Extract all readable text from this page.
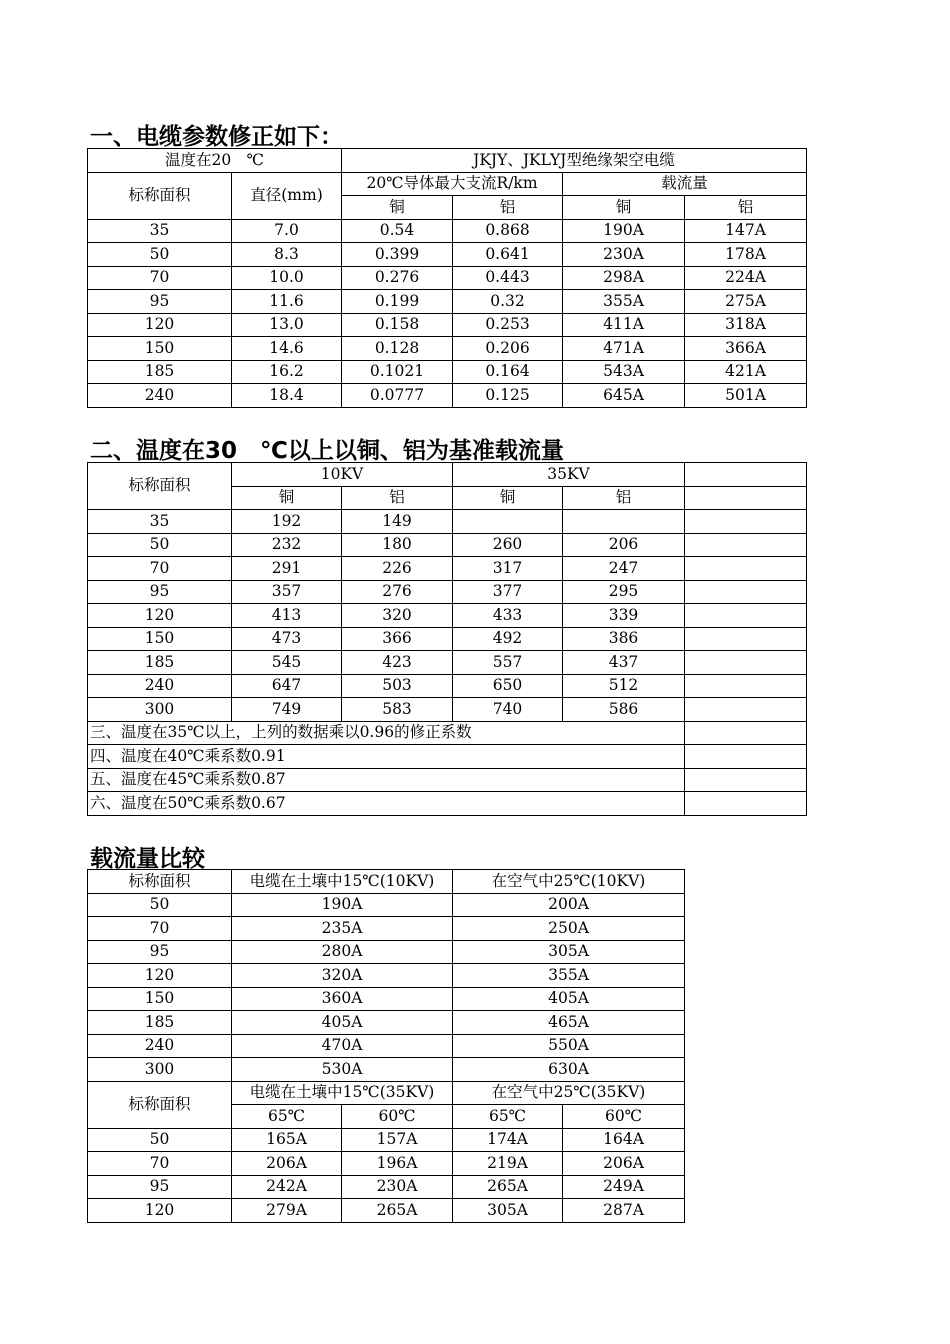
一、电缆参数修正如下：
温度在20　℃		JKJY、JKLYJ型绝缘架空电缆			
标称面积	直径(mm)	20℃导体最大支流R/km		载流量	
		铜	铝	铜	铝
35	7.0	0.54	0.868	190A	147A
50	8.3	0.399	0.641	230A	178A
70	10.0	0.276	0.443	298A	224A
95	11.6	0.199	0.32	355A	275A
120	13.0	0.158	0.253	411A	318A
150	14.6	0.128	0.206	471A	366A
185	16.2	0.1021	0.164	543A	421A
240	18.4	0.0777	0.125	645A	501A
二、温度在30　℃以上以铜、铝为基准载流量
标称面积	10KV		35KV		
	铜	铝	铜	铝	
35	192	149			
50	232	180	260	206	
70	291	226	317	247	
95	357	276	377	295	
120	413	320	433	339	
150	473	366	492	386	
185	545	423	557	437	
240	647	503	650	512	
300	749	583	740	586	
三、温度在35℃以上，上列的数据乘以0.96的修正系数					
四、温度在40℃乘系数0.91					
五、温度在45℃乘系数0.87					
六、温度在50℃乘系数0.67					
载流量比较
标称面积	电缆在土壤中15℃(10KV)		在空气中25℃(10KV)	
50	190A		200A	
70	235A		250A	
95	280A		305A	
120	320A		355A	
150	360A		405A	
185	405A		465A	
240	470A		550A	
300	530A		630A	
标称面积	电缆在土壤中15℃(35KV)		在空气中25℃(35KV)	
	65℃	60℃	65℃	60℃
50	165A	157A	174A	164A
70	206A	196A	219A	206A
95	242A	230A	265A	249A
120	279A	265A	305A	287A
